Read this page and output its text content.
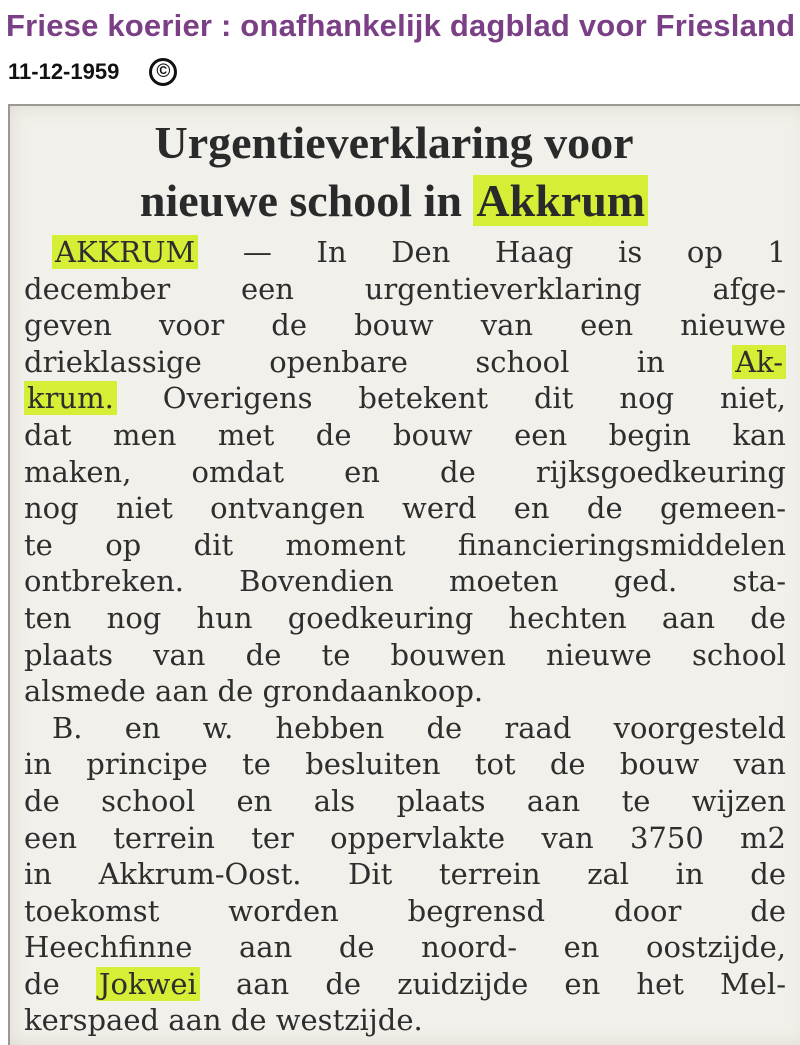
Friese koerier : onafhankelijk dagblad voor Friesland
11-12-1959	©
Urgentieverklaring voor
nieuwe school in Akkrum

AKKRUM — In Den Haag is op 1
december een urgentieverklaring afge-
geven voor de bouw van een nieuwe
drieklassige openbare school in Ak-
krum. Overigens betekent dit nog niet,
dat men met de bouw een begin kan
maken, omdat en de rijksgoedkeuring
nog niet ontvangen werd en de gemeen-
te op dit moment financieringsmiddelen
ontbreken. Bovendien moeten ged. sta-
ten nog hun goedkeuring hechten aan de
plaats van de te bouwen nieuwe school
alsmede aan de grondaankoop.

B. en w. hebben de raad voorgesteld
in principe te besluiten tot de bouw van
de school en als plaats aan te wijzen
een terrein ter oppervlakte van 3750 m2
in Akkrum-Oost. Dit terrein zal in de
toekomst worden begrensd door de
Heechfinne aan de noord- en oostzijde,
de Jokwei aan de zuidzijde en het Mel-
kerspaed aan de westzijde.
